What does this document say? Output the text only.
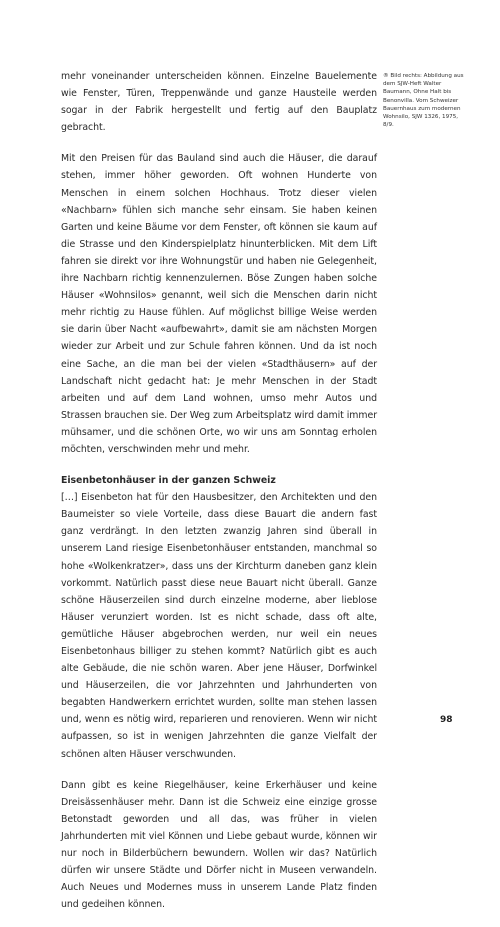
® Bild rechts: Abbildung aus dem SJW-Heft Walter Baumann, Ohne Halt bis Benonvilla. Vom Schweizer Bauernhaus zum modernen Wohnsilo, SJW 1326, 1975, 8/9.

mehr voneinander unterscheiden können. Einzelne Bauelemente wie Fenster, Türen, Treppenwände und ganze Hausteile werden sogar in der Fabrik hergestellt und fertig auf den Bauplatz gebracht.

Mit den Preisen für das Bauland sind auch die Häuser, die darauf stehen, immer höher geworden. Oft wohnen Hunderte von Menschen in einem solchen Hochhaus. Trotz dieser vielen «Nachbarn» fühlen sich manche sehr einsam. Sie haben keinen Garten und keine Bäume vor dem Fenster, oft können sie kaum auf die Strasse und den Kinderspielplatz hinunterblicken. Mit dem Lift fahren sie direkt vor ihre Wohnungstür und haben nie Gelegenheit, ihre Nachbarn richtig kennenzulernen. Böse Zungen haben solche Häuser «Wohnsilos» genannt, weil sich die Menschen darin nicht mehr richtig zu Hause fühlen. Auf möglichst billige Weise werden sie darin über Nacht «aufbewahrt», damit sie am nächsten Morgen wieder zur Arbeit und zur Schule fahren können. Und da ist noch eine Sache, an die man bei der vielen «Stadthäusern» auf der Landschaft nicht gedacht hat: Je mehr Menschen in der Stadt arbeiten und auf dem Land wohnen, umso mehr Autos und Strassen brauchen sie. Der Weg zum Arbeitsplatz wird damit immer mühsamer, und die schönen Orte, wo wir uns am Sonntag erholen möchten, verschwinden mehr und mehr.

Eisenbetonhäuser in der ganzen Schweiz

[…] Eisenbeton hat für den Hausbesitzer, den Architekten und den Baumeister so viele Vorteile, dass diese Bauart die andern fast ganz verdrängt. In den letzten zwanzig Jahren sind überall in unserem Land riesige Eisenbetonhäuser entstanden, manchmal so hohe «Wolkenkratzer», dass uns der Kirchturm daneben ganz klein vorkommt. Natürlich passt diese neue Bauart nicht überall. Ganze schöne Häuserzeilen sind durch einzelne moderne, aber lieblose Häuser verunziert worden. Ist es nicht schade, dass oft alte, gemütliche Häuser abgebrochen werden, nur weil ein neues Eisenbetonhaus billiger zu stehen kommt? Natürlich gibt es auch alte Gebäude, die nie schön waren. Aber jene Häuser, Dorfwinkel und Häuserzeilen, die vor Jahrzehnten und Jahrhunderten von begabten Handwerkern errichtet wurden, sollte man stehen lassen und, wenn es nötig wird, reparieren und renovieren. Wenn wir nicht aufpassen, so ist in wenigen Jahrzehnten die ganze Vielfalt der schönen alten Häuser verschwunden.

Dann gibt es keine Riegelhäuser, keine Erkerhäuser und keine Dreisässenhäuser mehr. Dann ist die Schweiz eine einzige grosse Betonstadt geworden und all das, was früher in vielen Jahrhunderten mit viel Können und Liebe gebaut wurde, können wir nur noch in Bilderbüchern bewundern. Wollen wir das? Natürlich dürfen wir unsere Städte und Dörfer nicht in Museen verwandeln. Auch Neues und Modernes muss in unserem Lande Platz finden und gedeihen können.

98
